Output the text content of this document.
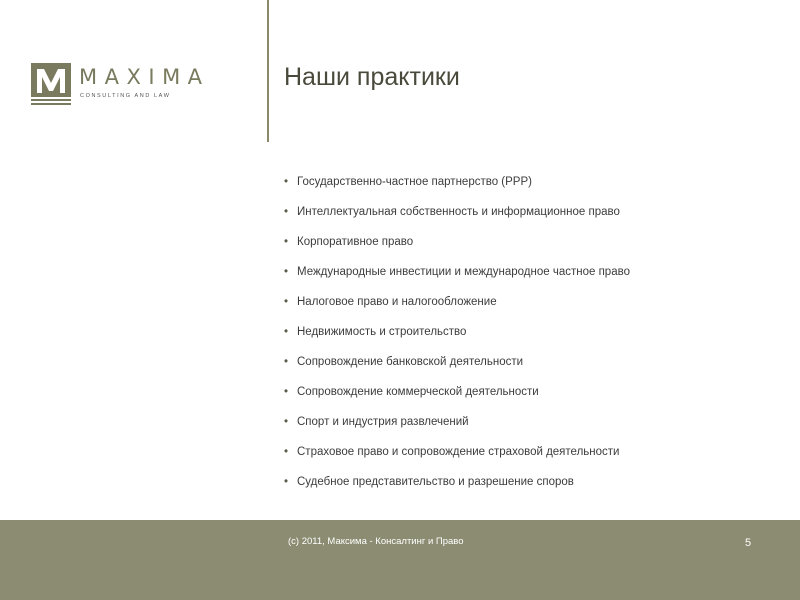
MAXIMA
CONSULTING AND LAW
Наши практики
• Государственно-частное партнерство (PPP)
• Интеллектуальная собственность и информационное право
• Корпоративное право
• Международные инвестиции и международное частное право
• Налоговое право и налогообложение
• Недвижимость и строительство
• Сопровождение банковской деятельности
• Сопровождение коммерческой деятельности
• Спорт и индустрия развлечений
• Страховое право и сопровождение страховой деятельности
• Судебное представительство и разрешение споров
(c) 2011, Максима - Консалтинг и Право	5
